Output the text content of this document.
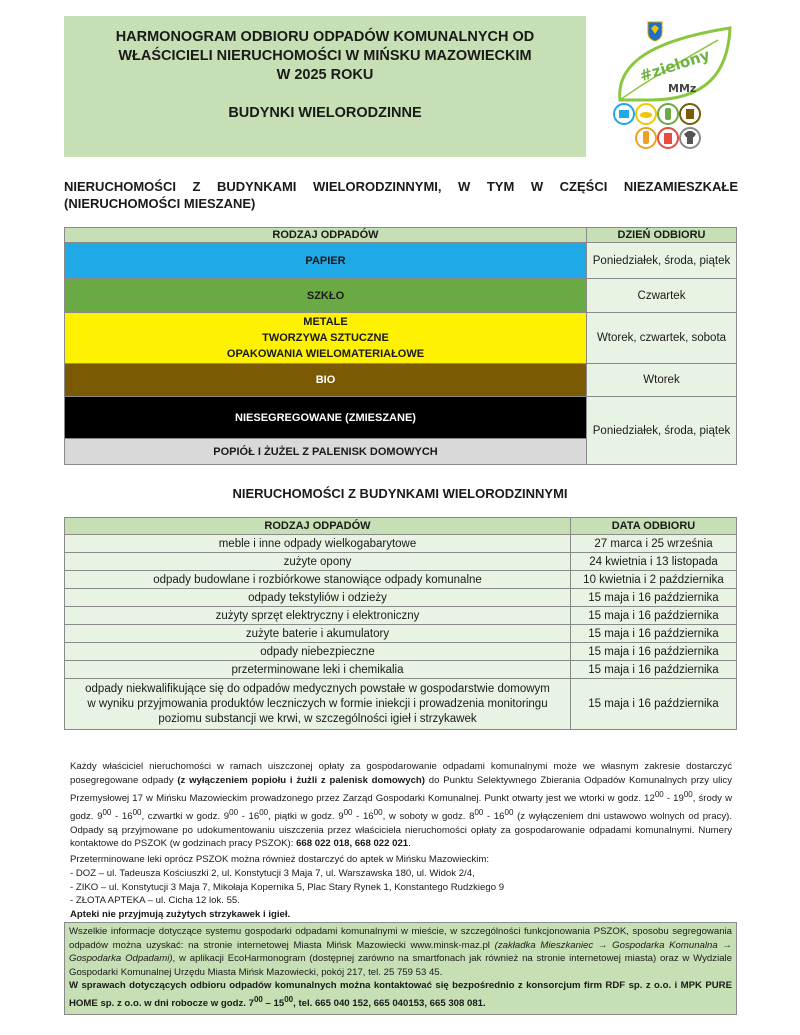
HARMONOGRAM ODBIORU ODPADÓW KOMUNALNYCH OD
WŁAŚCICIELI NIERUCHOMOŚCI W MIŃSKU MAZOWIECKIM
W 2025 ROKU
BUDYNKI WIELORODZINNE
#zielony
MMz
NIERUCHOMOŚCI Z BUDYNKAMI WIELORODZINNYMI, W TYM W CZĘŚCI NIEZAMIESZKAŁE
(NIERUCHOMOŚCI MIESZANE)
RODZAJ ODPADÓW	DZIEŃ ODBIORU
PAPIER	Poniedziałek, środa, piątek
SZKŁO	Czwartek

METALE
TWORZYWA SZTUCZNE
OPAKOWANIA WIELOMATERIAŁOWE	Wtorek, czwartek, sobota
BIO	Wtorek
NIESEGREGOWANE (ZMIESZANE)	Poniedziałek, środa, piątek
POPIÓŁ I ŻUŻEL Z PALENISK DOMOWYCH	
NIERUCHOMOŚCI Z BUDYNKAMI WIELORODZINNYMI
RODZAJ ODPADÓW	DATA ODBIORU
meble i inne odpady wielkogabarytowe	27 marca i 25 września
zużyte opony	24 kwietnia i 13 listopada
odpady budowlane i rozbiórkowe stanowiące odpady komunalne	10 kwietnia i 2 października
odpady tekstyliów i odzieży	15 maja i 16 października
zużyty sprzęt elektryczny i elektroniczny	15 maja i 16 października
zużyte baterie i akumulatory	15 maja i 16 października
odpady niebezpieczne	15 maja i 16 października
przeterminowane leki i chemikalia	15 maja i 16 października

odpady niekwalifikujące się do odpadów medycznych powstałe w gospodarstwie domowym
w wyniku przyjmowania produktów leczniczych w formie iniekcji i prowadzenia monitoringu
poziomu substancji we krwi, w szczególności igieł i strzykawek	15 maja i 16 października
Każdy właściciel nieruchomości w ramach uiszczonej opłaty za gospodarowanie odpadami komunalnymi może we własnym zakresie dostarczyć posegregowane odpady (z wyłączeniem popiołu i żużli z palenisk domowych) do Punktu Selektywnego Zbierania Odpadów Komunalnych przy ulicy Przemysłowej 17 w Mińsku Mazowieckim prowadzonego przez Zarząd Gospodarki Komunalnej. Punkt otwarty jest we wtorki w godz. $12^{00} - 19^{00}$, środy w godz. $9^{00} - 16^{00}$, czwartki w godz. $9^{00} - 16^{00}$, piątki w godz. $9^{00} - 16^{00}$, w soboty w godz. $8^{00} - 16^{00}$ (z wyłączeniem dni ustawowo wolnych od pracy). Odpady są przyjmowane po udokumentowaniu uiszczenia przez właściciela nieruchomości opłaty za gospodarowanie odpadami komunalnymi. Numery kontaktowe do PSZOK (w godzinach pracy PSZOK): 668 022 018, 668 022 021.
Przeterminowane leki oprócz PSZOK można również dostarczyć do aptek w Mińsku Mazowieckim:
- DOZ – ul. Tadeusza Kościuszki 2, ul. Konstytucji 3 Maja 7, ul. Warszawska 180, ul. Widok 2/4,
- ZIKO – ul. Konstytucji 3 Maja 7, Mikołaja Kopernika 5, Plac Stary Rynek 1, Konstantego Rudzkiego 9
- ZŁOTA APTEKA – ul. Cicha 12 lok. 55.
Apteki nie przyjmują zużytych strzykawek i igieł.
Wszelkie informacje dotyczące systemu gospodarki odpadami komunalnymi w mieście, w szczególności funkcjonowania PSZOK, sposobu segregowania odpadów można uzyskać: na stronie internetowej Miasta Mińsk Mazowiecki www.minsk-maz.pl (zakładka Mieszkaniec → Gospodarka Komunalna → Gospodarka Odpadami), w aplikacji EcoHarmonogram (dostępnej zarówno na smartfonach jak również na stronie internetowej miasta) oraz w Wydziale Gospodarki Komunalnej Urzędu Miasta Mińsk Mazowiecki, pokój 217, tel. 25 759 53 45.
W sprawach dotyczących odbioru odpadów komunalnych można kontaktować się bezpośrednio z konsorcjum firm RDF sp. z o.o. i MPK PURE HOME sp. z o.o. w dni robocze w godz. $7^{00} - 15^{00}$, tel. 665 040 152, 665 040153, 665 308 081.
